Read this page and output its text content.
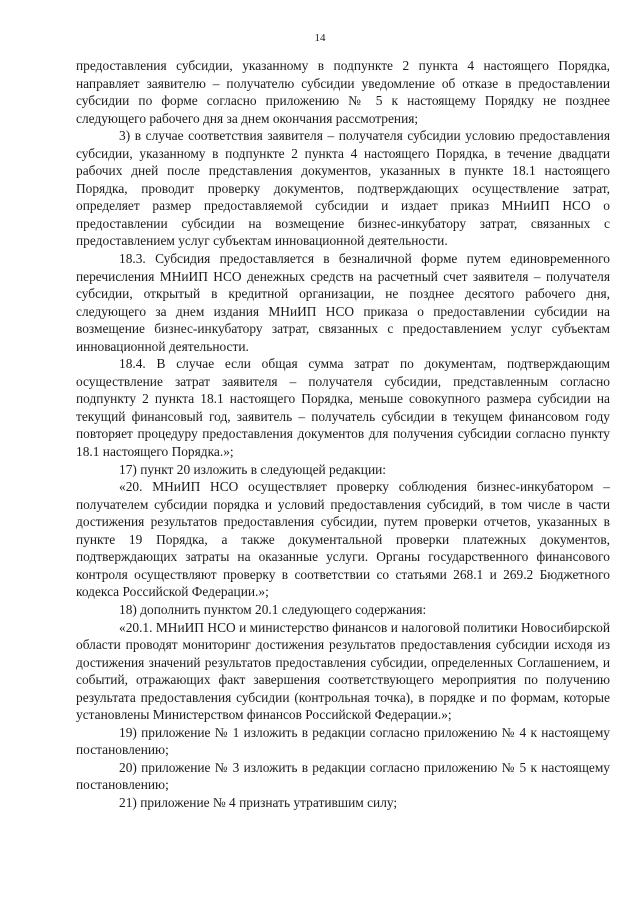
14

предоставления субсидии, указанному в подпункте 2 пункта 4 настоящего Порядка, направляет заявителю – получателю субсидии уведомление об отказе в предоставлении субсидии по форме согласно приложению № 5 к настоящему Порядку не позднее следующего рабочего дня за днем окончания рассмотрения;

3) в случае соответствия заявителя – получателя субсидии условию предоставления субсидии, указанному в подпункте 2 пункта 4 настоящего Порядка, в течение двадцати рабочих дней после представления документов, указанных в пункте 18.1 настоящего Порядка, проводит проверку документов, подтверждающих осуществление затрат, определяет размер предоставляемой субсидии и издает приказ МНиИП НСО о предоставлении субсидии на возмещение бизнес-инкубатору затрат, связанных с предоставлением услуг субъектам инновационной деятельности.

18.3. Субсидия предоставляется в безналичной форме путем единовременного перечисления МНиИП НСО денежных средств на расчетный счет заявителя – получателя субсидии, открытый в кредитной организации, не позднее десятого рабочего дня, следующего за днем издания МНиИП НСО приказа о предоставлении субсидии на возмещение бизнес-инкубатору затрат, связанных с предоставлением услуг субъектам инновационной деятельности.

18.4. В случае если общая сумма затрат по документам, подтверждающим осуществление затрат заявителя – получателя субсидии, представленным согласно подпункту 2 пункта 18.1 настоящего Порядка, меньше совокупного размера субсидии на текущий финансовый год, заявитель – получатель субсидии в текущем финансовом году повторяет процедуру предоставления документов для получения субсидии согласно пункту 18.1 настоящего Порядка.»;

17) пункт 20 изложить в следующей редакции:

«20. МНиИП НСО осуществляет проверку соблюдения бизнес-инкубатором – получателем субсидии порядка и условий предоставления субсидий, в том числе в части достижения результатов предоставления субсидии, путем проверки отчетов, указанных в пункте 19 Порядка, а также документальной проверки платежных документов, подтверждающих затраты на оказанные услуги. Органы государственного финансового контроля осуществляют проверку в соответствии со статьями 268.1 и 269.2 Бюджетного кодекса Российской Федерации.»;

18) дополнить пунктом 20.1 следующего содержания:

«20.1. МНиИП НСО и министерство финансов и налоговой политики Новосибирской области проводят мониторинг достижения результатов предоставления субсидии исходя из достижения значений результатов предоставления субсидии, определенных Соглашением, и событий, отражающих факт завершения соответствующего мероприятия по получению результата предоставления субсидии (контрольная точка), в порядке и по формам, которые установлены Министерством финансов Российской Федерации.»;

19) приложение № 1 изложить в редакции согласно приложению № 4 к настоящему постановлению;

20) приложение № 3 изложить в редакции согласно приложению № 5 к настоящему постановлению;

21) приложение № 4 признать утратившим силу;
